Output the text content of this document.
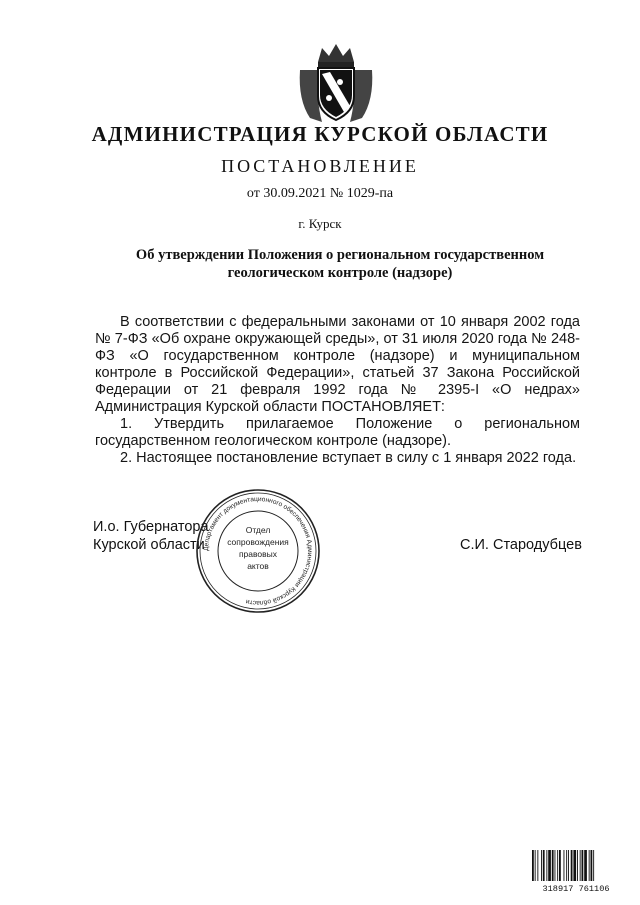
АДМИНИСТРАЦИЯ КУРСКОЙ ОБЛАСТИ
ПОСТАНОВЛЕНИЕ
от 30.09.2021 № 1029-па
г. Курск
Об утверждении Положения о региональном государственном
геологическом контроле (надзоре)
В соответствии с федеральными законами от 10 января 2002 года № 7-ФЗ «Об охране окружающей среды», от 31 июля 2020 года № 248-ФЗ «О государственном контроле (надзоре) и муниципальном контроле в Российской Федерации», статьей 37 Закона Российской Федерации от 21 февраля 1992 года № 2395-I «О недрах» Администрация Курской области ПОСТАНОВЛЯЕТ:
1. Утвердить прилагаемое Положение о региональном государственном геологическом контроле (надзоре).
2. Настоящее постановление вступает в силу с 1 января 2022 года.
И.о. Губернатора
Курской области	С.И. Стародубцев
Департамент документационного обеспечения Администрации Курской области
Отдел
сопровождения
правовых
актов
318917 761106
